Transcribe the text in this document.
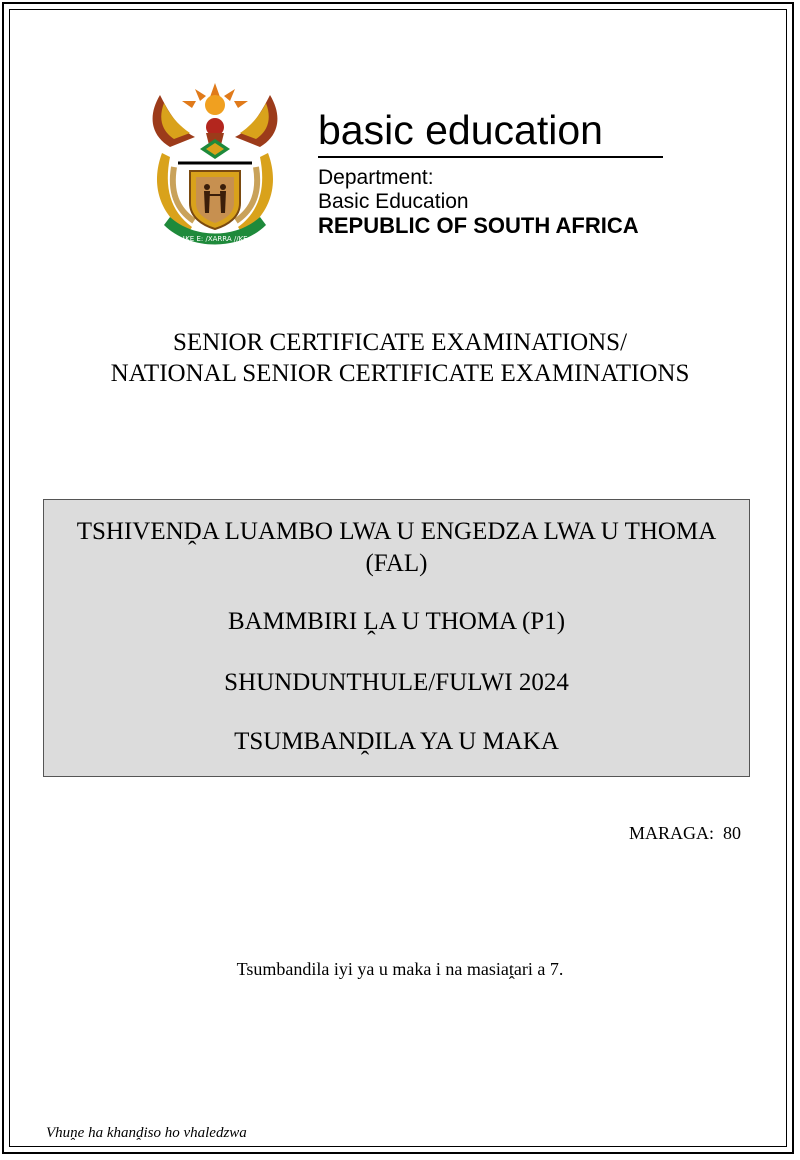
!KE E: /XARRA //KE
basic education
Department:
Basic Education
REPUBLIC OF SOUTH AFRICA
SENIOR CERTIFICATE EXAMINATIONS/
NATIONAL SENIOR CERTIFICATE EXAMINATIONS
TSHIVENḒA LUAMBO LWA U ENGEDZA LWA U THOMA
(FAL)
BAMMBIRI ḼA U THOMA (P1)
SHUNDUNTHULE/FULWI 2024
TSUMBANḒILA YA U MAKA
MARAGA: 80
Tsumbandila iyi ya u maka i na masiaṱari a 7.
Vhuṋe ha khanḓiso ho vhaledzwa
